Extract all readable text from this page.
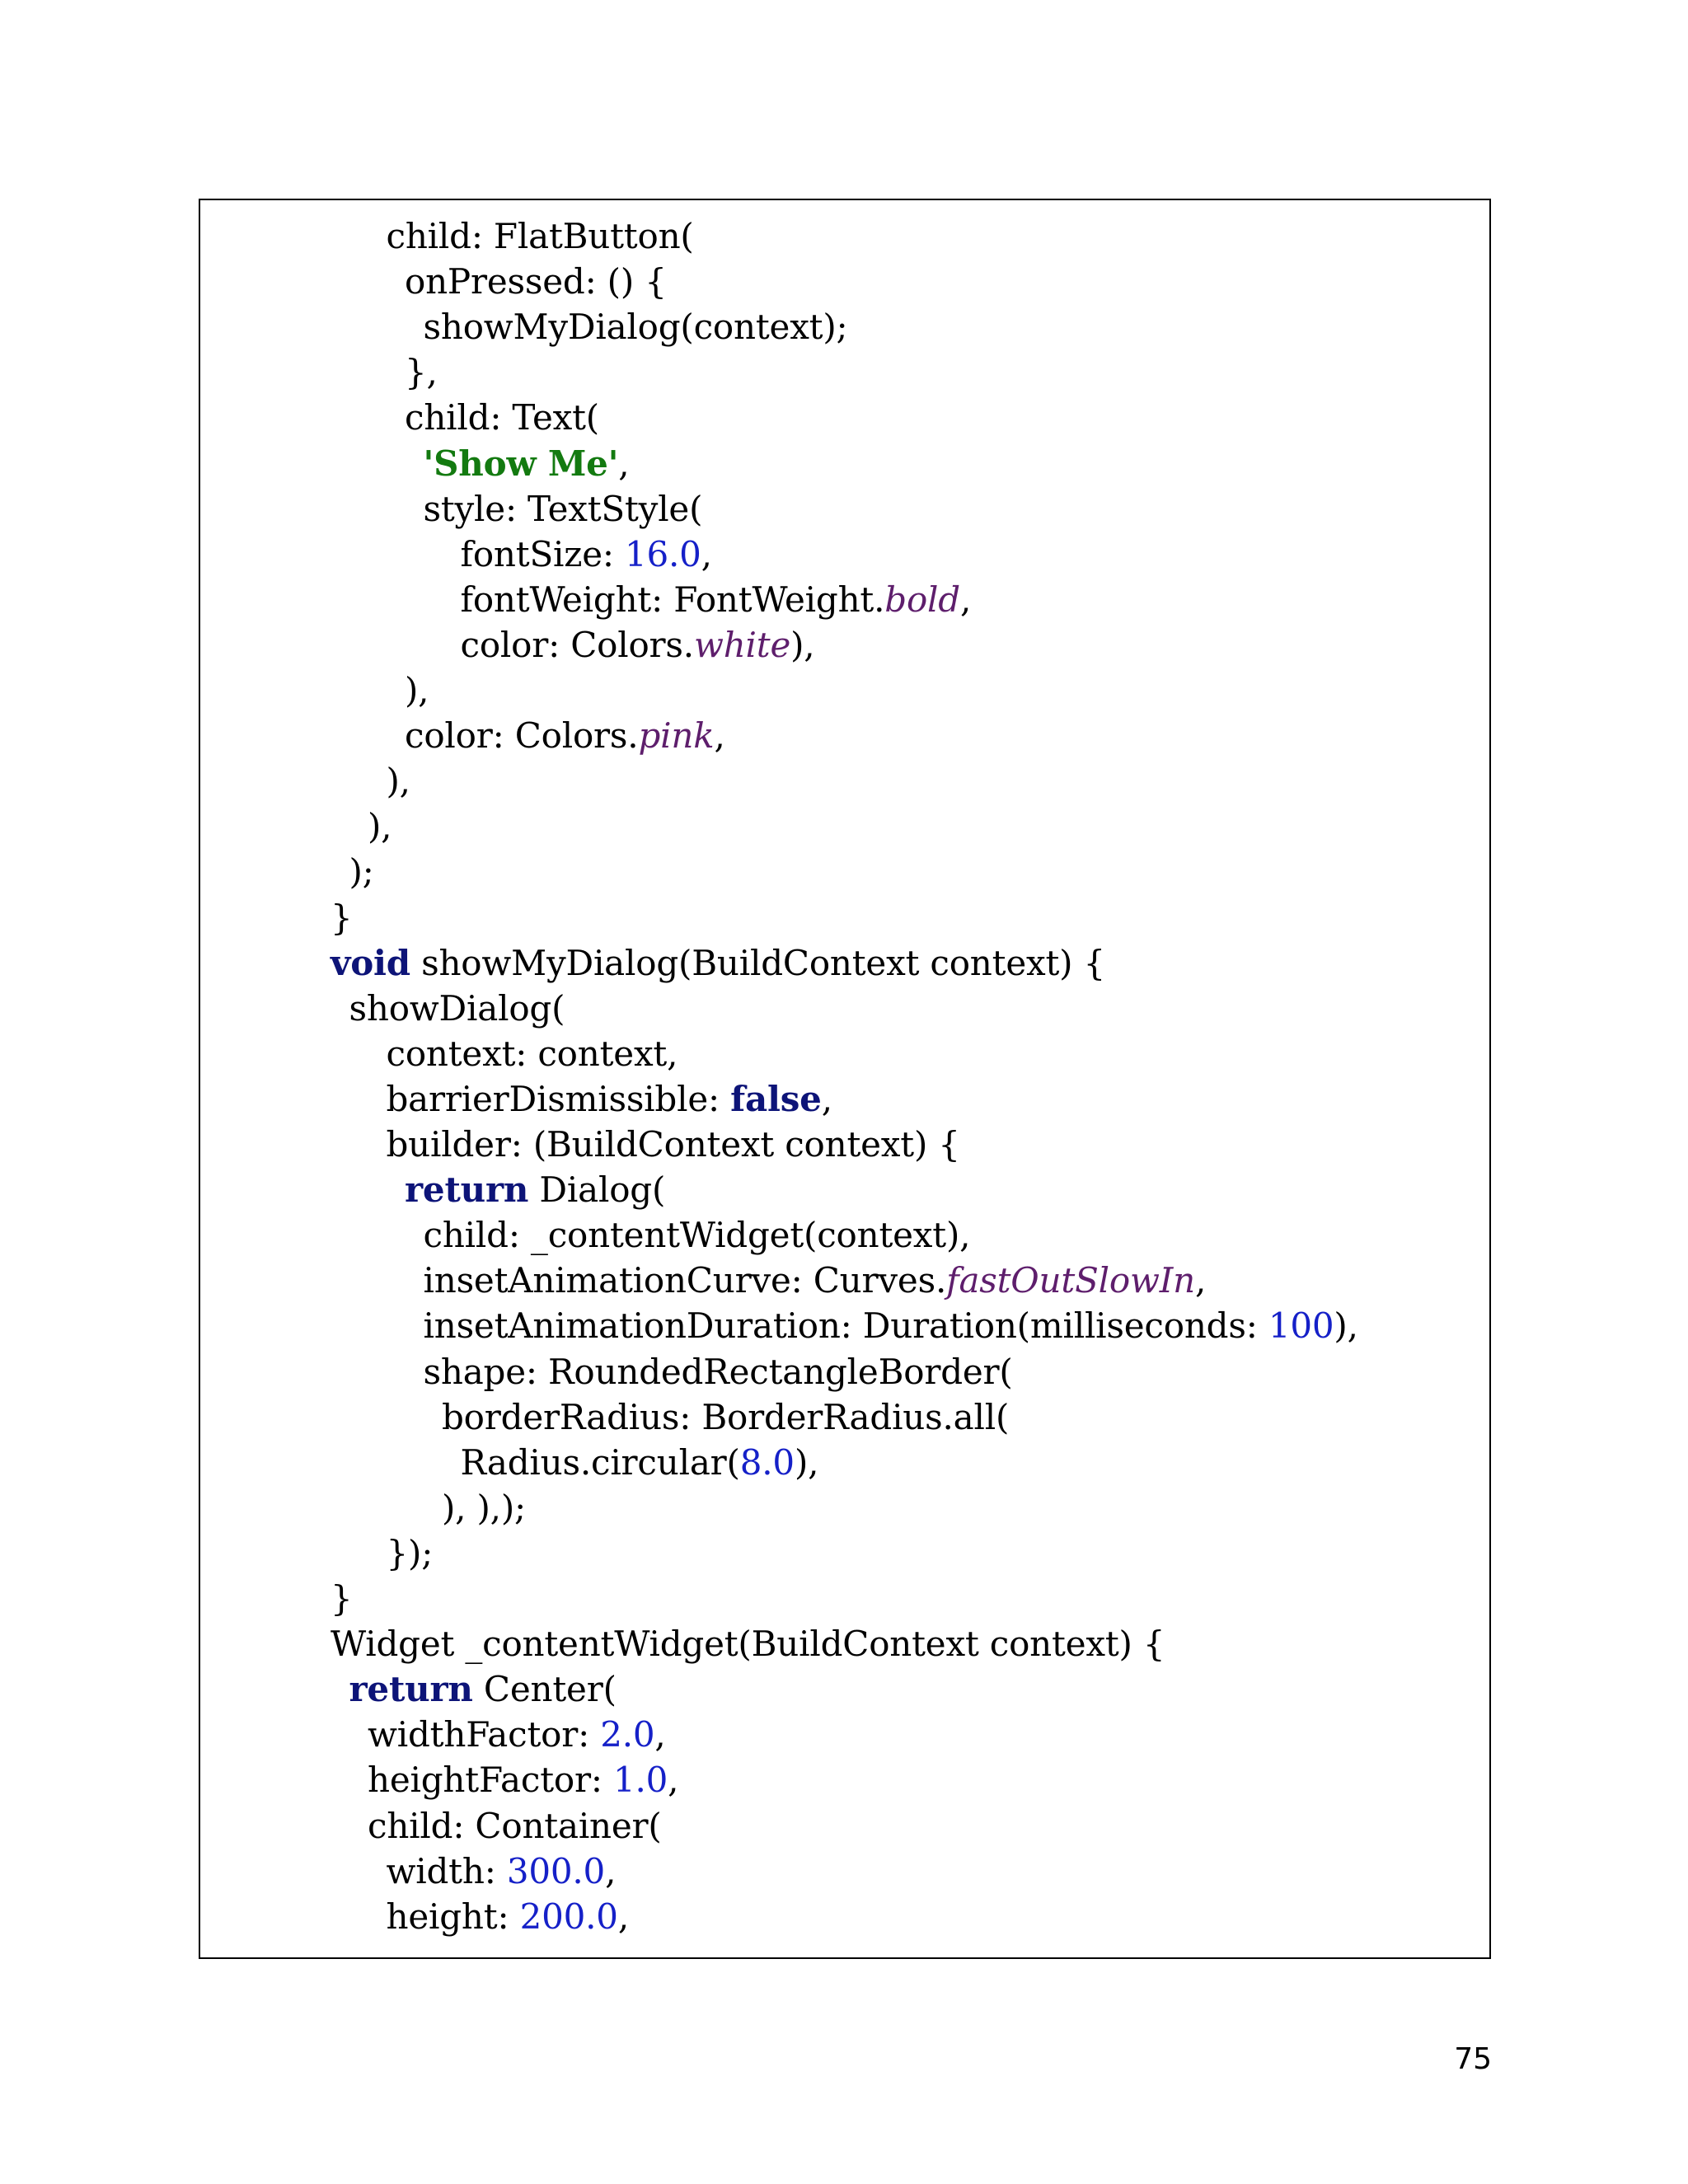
child: FlatButton(
onPressed: () {
showMyDialog(context);
},
child: Text(
'Show Me',
style: TextStyle(
fontSize: 16.0,
fontWeight: FontWeight.bold,
color: Colors.white),
),
color: Colors.pink,
),
),
);
}
void showMyDialog(BuildContext context) {
showDialog(
context: context,
barrierDismissible: false,
builder: (BuildContext context) {
return Dialog(
child: _contentWidget(context),
insetAnimationCurve: Curves.fastOutSlowIn,
insetAnimationDuration: Duration(milliseconds: 100),
shape: RoundedRectangleBorder(
borderRadius: BorderRadius.all(
Radius.circular(8.0),
), ),);
});
}
Widget _contentWidget(BuildContext context) {
return Center(
widthFactor: 2.0,
heightFactor: 1.0,
child: Container(
width: 300.0,
height: 200.0,
75
